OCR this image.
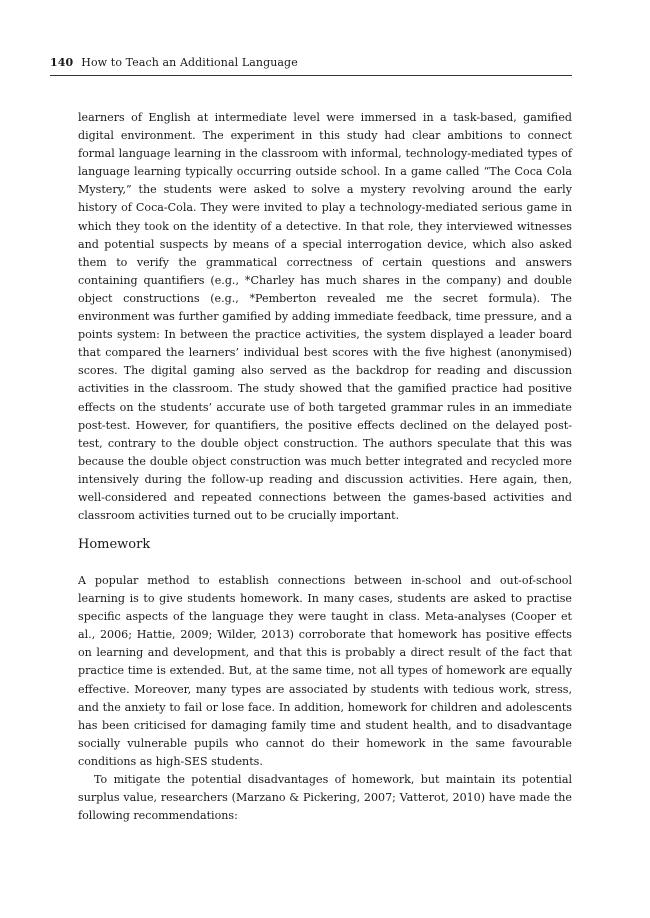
140 How to Teach an Additional Language

learners of English at intermediate level were immersed in a task-based, gamified digital environment. The experiment in this study had clear ambitions to connect formal language learning in the classroom with informal, technology-mediated types of language learning typically occurring outside school. In a game called “The Coca Cola Mystery,” the students were asked to solve a mystery revolving around the early history of Coca-Cola. They were invited to play a technology-mediated serious game in which they took on the identity of a detective. In that role, they interviewed witnesses and potential suspects by means of a special interrogation device, which also asked them to verify the grammatical correctness of certain questions and answers containing quantifiers (e.g., *Charley has much shares in the company) and double object constructions (e.g., *Pemberton revealed me the secret formula). The environment was further gamified by adding immediate feedback, time pressure, and a points system: In between the practice activities, the system displayed a leader board that compared the learners’ individual best scores with the five highest (anonymised) scores. The digital gaming also served as the backdrop for reading and discussion activities in the classroom. The study showed that the gamified practice had positive effects on the students’ accurate use of both targeted grammar rules in an immediate post-test. However, for quantifiers, the positive effects declined on the delayed post-test, contrary to the double object construction. The authors speculate that this was because the double object construction was much better integrated and recycled more intensively during the follow-up reading and discussion activities. Here again, then, well-considered and repeated connections between the games-based activities and classroom activities turned out to be crucially important.

Homework

A popular method to establish connections between in-school and out-of-school learning is to give students homework. In many cases, students are asked to practise specific aspects of the language they were taught in class. Meta-analyses (Cooper et al., 2006; Hattie, 2009; Wilder, 2013) corroborate that homework has positive effects on learning and development, and that this is probably a direct result of the fact that practice time is extended. But, at the same time, not all types of homework are equally effective. Moreover, many types are associated by students with tedious work, stress, and the anxiety to fail or lose face. In addition, homework for children and adolescents has been criticised for damaging family time and student health, and to disadvantage socially vulnerable pupils who cannot do their homework in the same favourable conditions as high-SES students.

To mitigate the potential disadvantages of homework, but maintain its potential surplus value, researchers (Marzano & Pickering, 2007; Vatterot, 2010) have made the following recommendations:
